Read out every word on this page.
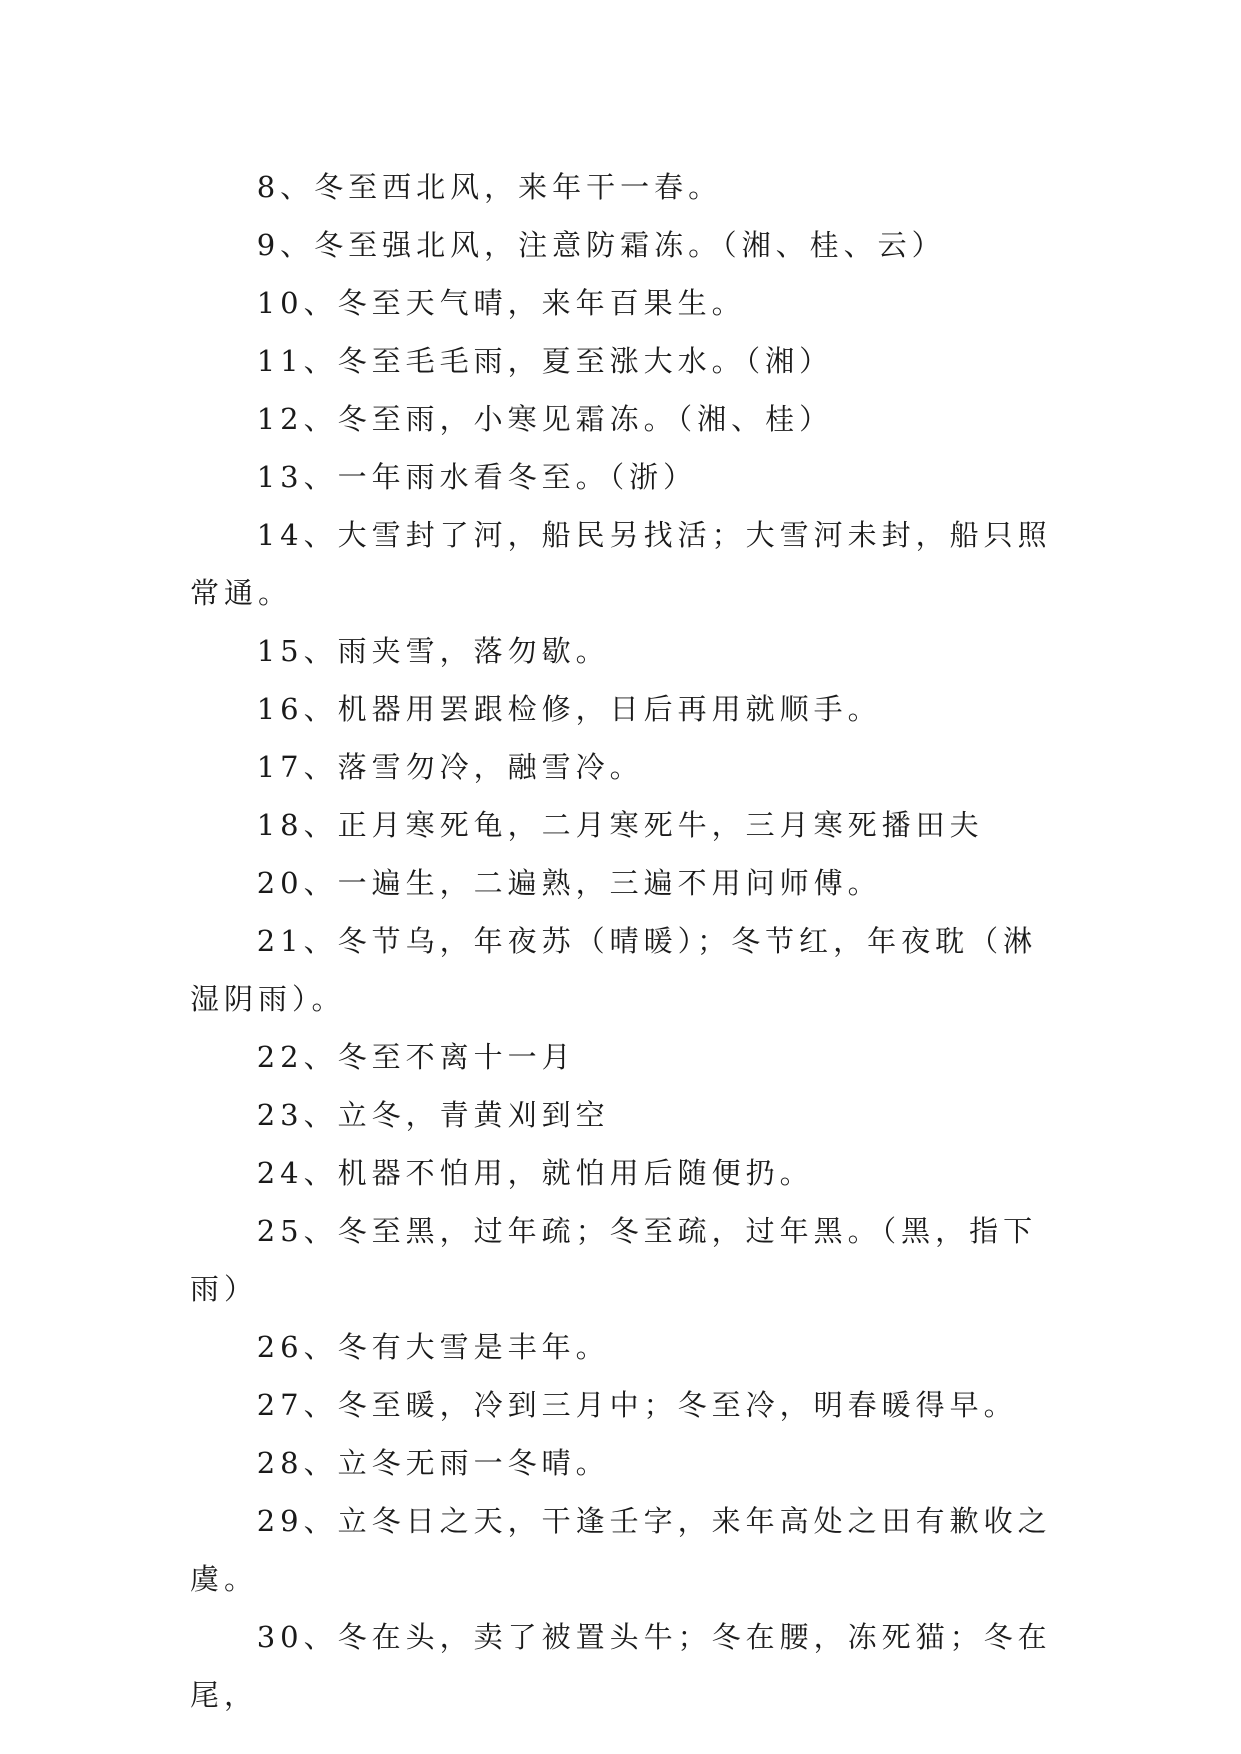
8、冬至西北风，来年干一春。

9、冬至强北风，注意防霜冻。（湘、桂、云）

10、冬至天气晴，来年百果生。

11、冬至毛毛雨，夏至涨大水。（湘）

12、冬至雨，小寒见霜冻。（湘、桂）

13、一年雨水看冬至。（浙）

14、大雪封了河，船民另找活；大雪河未封，船只照常通。

15、雨夹雪，落勿歇。

16、机器用罢跟检修，日后再用就顺手。

17、落雪勿冷，融雪冷。

18、正月寒死龟，二月寒死牛，三月寒死播田夫

20、一遍生，二遍熟，三遍不用问师傅。

21、冬节乌，年夜苏（晴暖）；冬节红，年夜耽（淋湿阴雨）。

22、冬至不离十一月

23、立冬，青黄刈到空

24、机器不怕用，就怕用后随便扔。

25、冬至黑，过年疏；冬至疏，过年黑。（黑，指下雨）

26、冬有大雪是丰年。

27、冬至暖，冷到三月中；冬至冷，明春暖得早。

28、立冬无雨一冬晴。

29、立冬日之天，干逢壬字，来年高处之田有歉收之虞。

30、冬在头，卖了被置头牛；冬在腰，冻死猫；冬在尾，
